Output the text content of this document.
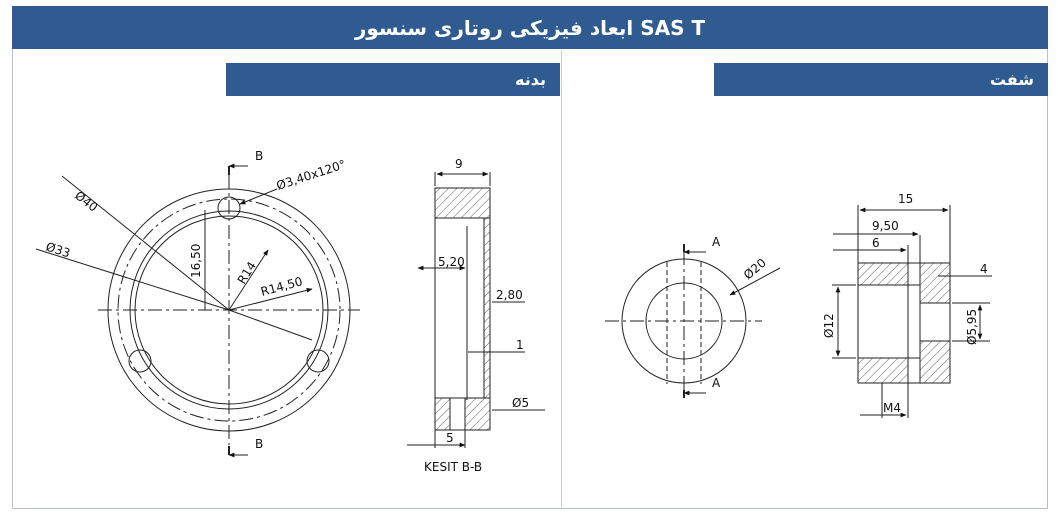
ابعاد فیزیکی روتاری سنسور SAS T
بدنه	شفت
Ø40
Ø33
Ø3,40x120°
R14
R14,50
16,50
B
B
9
5,20
2,80
1
Ø5
5
KESIT B-B
A
A
Ø20
15
9,50
6
4
Ø12	Ø5,95
M4
